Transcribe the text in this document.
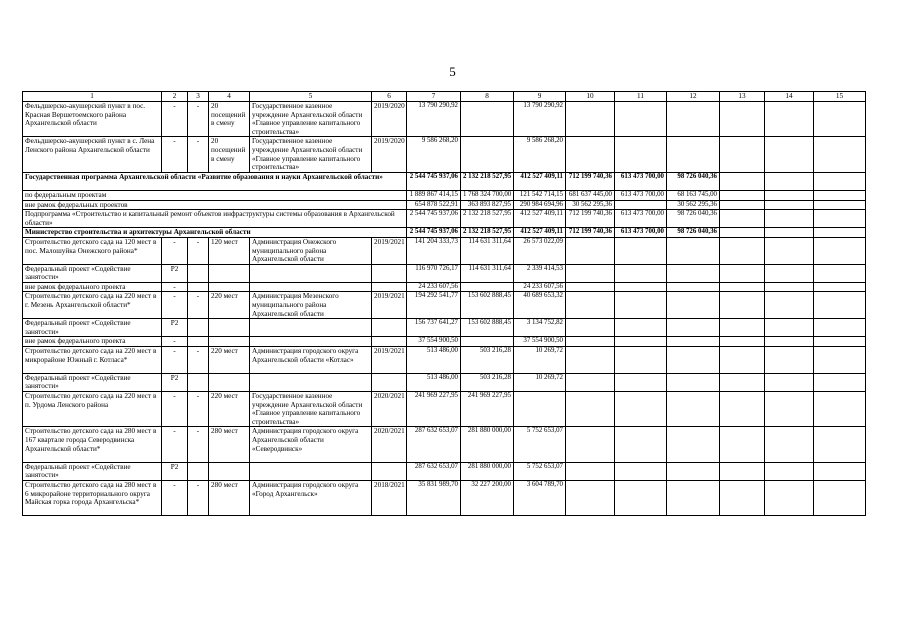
5
1	2	3	4	5	6	7	8	9	10	11	12	13	14	15
Фельдшерско-акушерский пункт в пос. Красная Вершетоемского района Архангельской области	-	-	20 посещений в смену	Государственное казенное учреждение Архангельской области «Главное управление капитального строительства»	2019/2020	13 790 290,92		13 790 290,92						
Фельдшерско-акушерский пункт в с. Лена Ленского района Архангельской области	-	-	20 посещений в смену	Государственное казенное учреждение Архангельской области «Главное управление капитального строительства»	2019/2020	9 586 268,20		9 586 268,20						
Государственная программа Архангельской области «Развитие образования и науки Архангельской области»						2 544 745 937,06	2 132 218 527,95	412 527 409,11	712 199 740,36	613 473 700,00	98 726 040,36			
по федеральным проектам						1 889 867 414,15	1 768 324 700,00	121 542 714,15	681 637 445,00	613 473 700,00	68 163 745,00			
вне рамок федеральных проектов						654 878 522,91	363 893 827,95	290 984 694,96	30 562 295,36		30 562 295,36			
Подпрограмма «Строительство и капитальный ремонт объектов инфраструктуры системы образования в Архангельской области»						2 544 745 937,06	2 132 218 527,95	412 527 409,11	712 199 740,36	613 473 700,00	98 726 040,36			
Министерство строительства и архитектуры Архангельской области						2 544 745 937,06	2 132 218 527,95	412 527 409,11	712 199 740,36	613 473 700,00	98 726 040,36			
Строительство детского сада на 120 мест в пос. Малошуйка Онежского района*	-	-	120 мест	Администрация Онежского муниципального района Архангельской области	2019/2021	141 204 333,73	114 631 311,64	26 573 022,09						
Федеральный проект «Содействие занятости»	P2					116 970 726,17	114 631 311,64	2 339 414,53						
вне рамок федерального проекта	-					24 233 607,56		24 233 607,56						
Строительство детского сада на 220 мест в г. Мезень Архангельской области*	-	-	220 мест	Администрация Мезенского муниципального района Архангельской области	2019/2021	194 292 541,77	153 602 888,45	40 689 653,32						
Федеральный проект «Содействие занятости»	P2					156 737 641,27	153 602 888,45	3 134 752,82						
вне рамок федерального проекта	-					37 554 900,50		37 554 900,50						
Строительство детского сада на 220 мест в микрорайоне Южный г. Котласа*	-	-	220 мест	Администрация городского округа Архангельской области «Котлас»	2019/2021	513 486,00	503 216,28	10 269,72						
Федеральный проект «Содействие занятости»	P2					513 486,00	503 216,28	10 269,72						
Строительство детского сада на 220 мест в п. Урдома Ленского района	-	-	220 мест	Государственное казенное учреждение Архангельской области «Главное управление капитального строительства»	2020/2021	241 969 227,95	241 969 227,95							
Строительство детского сада на 280 мест в 167 квартале города Северодвинска Архангельской области*	-	-	280 мест	Администрация городского округа Архангельской области «Северодвинск»	2020/2021	287 632 653,07	281 880 000,00	5 752 653,07						
Федеральный проект «Содействие занятости»	P2					287 632 653,07	281 880 000,00	5 752 653,07						
Строительство детского сада на 280 мест в 6 микрорайоне территориального округа Майская горка города Архангельска*	-	-	280 мест	Администрация городского округа «Город Архангельск»	2018/2021	35 831 989,70	32 227 200,00	3 604 789,70						
